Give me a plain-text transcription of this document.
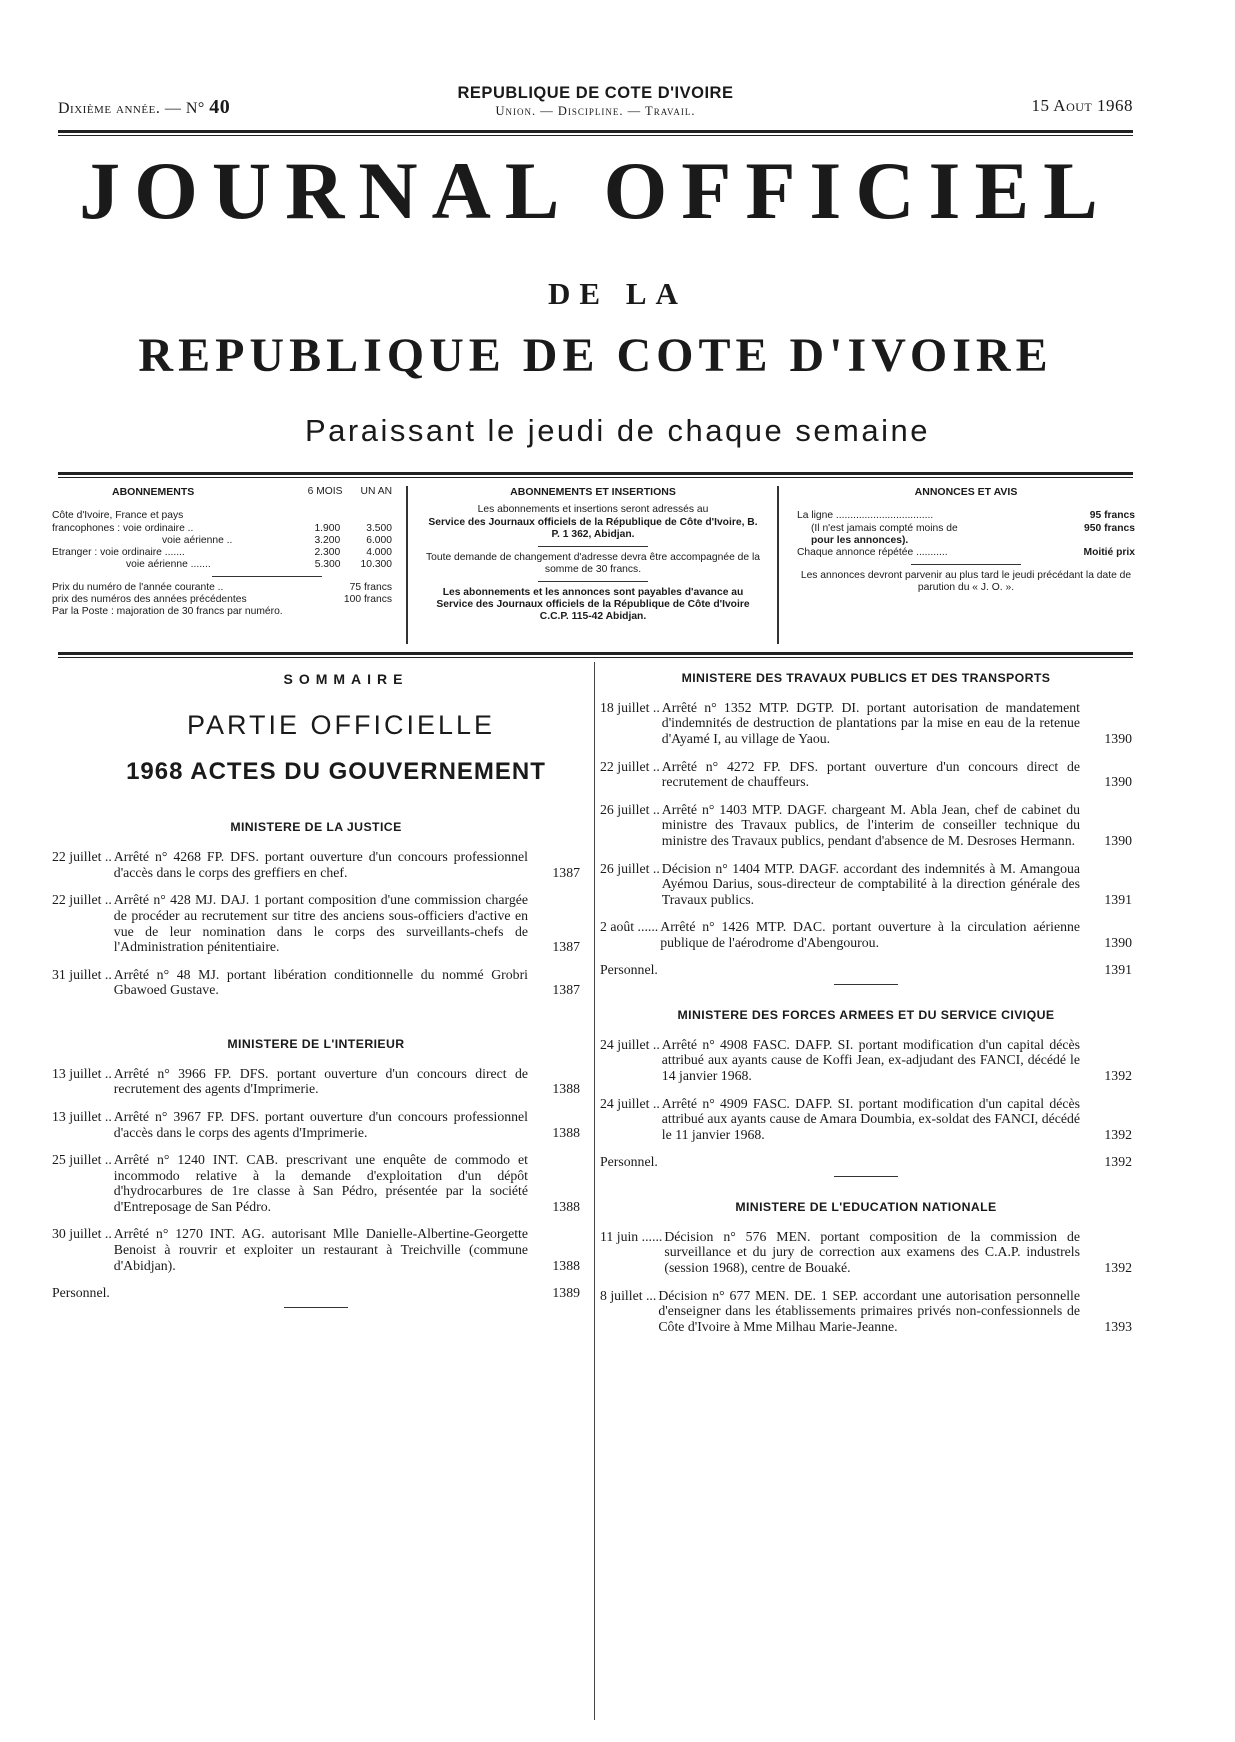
Dixième année. — N° 40
REPUBLIQUE DE COTE D'IVOIRE
Union. — Discipline. — Travail.	15 Aout 1968
JOURNAL OFFICIEL
DE LA
REPUBLIQUE DE COTE D'IVOIRE
Paraissant le jeudi de chaque semaine
ABONNEMENTS	6 MOIS UN AN
Côte d'Ivoire, France et pays
francophones : voie ordinaire ..	1.900	3.500
voie aérienne ..	3.200	6.000
Etranger : voie ordinaire .......	2.300	4.000
voie aérienne .......	5.300 10.300
Prix du numéro de l'année courante ..	75 francs
prix des numéros des années précédentes	100 francs
Par la Poste : majoration de 30 francs par numéro.
ABONNEMENTS ET INSERTIONS
Les abonnements et insertions seront adressés au
Service des Journaux officiels de la République de Côte d'Ivoire, B. P. 1 362, Abidjan.
Toute demande de changement d'adresse devra être accompagnée de la somme de 30 francs.
Les abonnements et les annonces sont payables d'avance au Service des Journaux officiels de la République de Côte d'Ivoire C.C.P. 115-42 Abidjan.
ANNONCES ET AVIS
La ligne ..................................	95 francs
(Il n'est jamais compté moins de	950 francs
pour les annonces).
Chaque annonce répétée ...........	Moitié prix
Les annonces devront parvenir au plus tard le jeudi précédant la date de parution du « J. O. ».
SOMMAIRE
PARTIE OFFICIELLE
1968 ACTES DU GOUVERNEMENT
MINISTERE DE LA JUSTICE
22 juillet .. Arrêté n° 4268 FP. DFS. portant ouverture d'un concours professionnel d'accès dans le corps des greffiers en chef.	1387
22 juillet .. Arrêté n° 428 MJ. DAJ. 1 portant composition d'une commission chargée de procéder au recrutement sur titre des anciens sous-officiers d'active en vue de leur nomination dans le corps des surveillants-chefs de l'Administration pénitentiaire.	1387
31 juillet .. Arrêté n° 48 MJ. portant libération conditionnelle du nommé Grobri Gbawoed Gustave.	1387
MINISTERE DE L'INTERIEUR
13 juillet .. Arrêté n° 3966 FP. DFS. portant ouverture d'un concours direct de recrutement des agents d'Imprimerie.	1388
13 juillet .. Arrêté n° 3967 FP. DFS. portant ouverture d'un concours professionnel d'accès dans le corps des agents d'Imprimerie.	1388
25 juillet .. Arrêté n° 1240 INT. CAB. prescrivant une enquête de commodo et incommodo relative à la demande d'exploitation d'un dépôt d'hydrocarbures de 1re classe à San Pédro, présentée par la société d'Entreposage de San Pédro.	1388
30 juillet .. Arrêté n° 1270 INT. AG. autorisant Mlle Danielle-Albertine-Georgette Benoist à rouvrir et exploiter un restaurant à Treichville (commune d'Abidjan).	1388
Personnel.	1389
MINISTERE DES TRAVAUX PUBLICS ET DES TRANSPORTS
18 juillet .. Arrêté n° 1352 MTP. DGTP. DI. portant autorisation de mandatement d'indemnités de destruction de plantations par la mise en eau de la retenue d'Ayamé I, au village de Yaou.	1390
22 juillet .. Arrêté n° 4272 FP. DFS. portant ouverture d'un concours direct de recrutement de chauffeurs.	1390
26 juillet .. Arrêté n° 1403 MTP. DAGF. chargeant M. Abla Jean, chef de cabinet du ministre des Travaux publics, de l'interim de conseiller technique du ministre des Travaux publics, pendant d'absence de M. Desroses Hermann.	1390
26 juillet .. Décision n° 1404 MTP. DAGF. accordant des indemnités à M. Amangoua Ayémou Darius, sous-directeur de comptabilité à la direction générale des Travaux publics.	1391
2 août ...... Arrêté n° 1426 MTP. DAC. portant ouverture à la circulation aérienne publique de l'aérodrome d'Abengourou.	1390
Personnel.	1391
MINISTERE DES FORCES ARMEES ET DU SERVICE CIVIQUE
24 juillet .. Arrêté n° 4908 FASC. DAFP. SI. portant modification d'un capital décès attribué aux ayants cause de Koffi Jean, ex-adjudant des FANCI, décédé le 14 janvier 1968.	1392
24 juillet .. Arrêté n° 4909 FASC. DAFP. SI. portant modification d'un capital décès attribué aux ayants cause de Amara Doumbia, ex-soldat des FANCI, décédé le 11 janvier 1968.	1392
Personnel.	1392
MINISTERE DE L'EDUCATION NATIONALE
11 juin ...... Décision n° 576 MEN. portant composition de la commission de surveillance et du jury de correction aux examens des C.A.P. industrels (session 1968), centre de Bouaké.	1392
8 juillet ... Décision n° 677 MEN. DE. 1 SEP. accordant une autorisation personnelle d'enseigner dans les établissements primaires privés non-confessionnels de Côte d'Ivoire à Mme Milhau Marie-Jeanne.	1393
